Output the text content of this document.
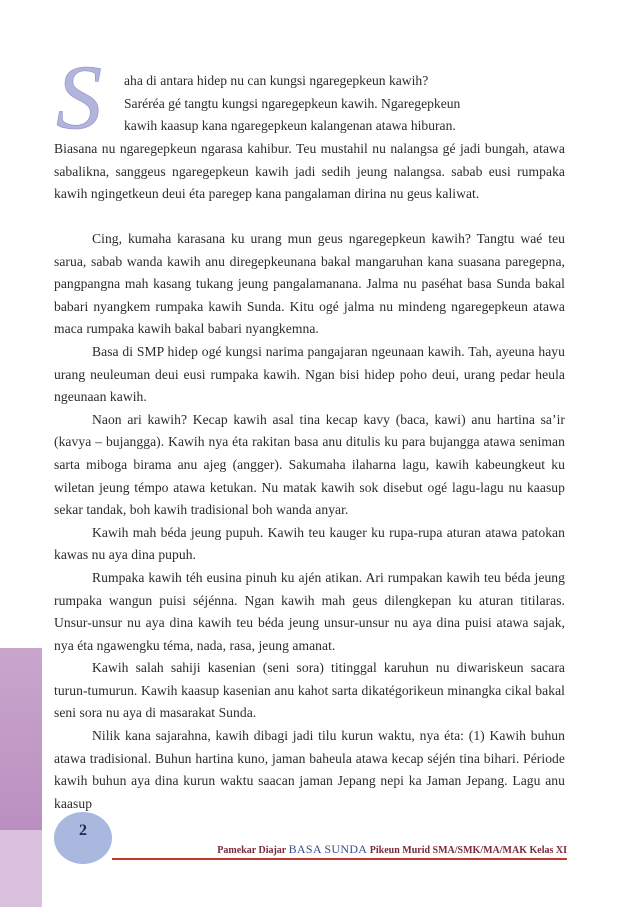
S aha di antara hidep nu can kungsi ngaregepkeun kawih?

Saréréa gé tangtu kungsi ngaregepkeun kawih. Ngaregepkeun

kawih kaasup kana ngaregepkeun kalangenan atawa hiburan.

Biasana nu ngaregepkeun ngarasa kahibur. Teu mustahil nu nalangsa gé jadi bungah, atawa sabalikna, sanggeus ngaregepkeun kawih jadi sedih jeung nalangsa. sabab eusi rumpaka kawih ngingetkeun deui éta paregep kana pangalaman dirina nu geus kaliwat.

Cing, kumaha karasana ku urang mun geus ngaregepkeun kawih? Tangtu waé teu sarua, sabab wanda kawih anu diregepkeunana bakal mangaruhan kana suasana paregepna, pangpangna mah kasang tukang jeung pangalamanana. Jalma nu paséhat basa Sunda bakal babari nyangkem rumpaka kawih Sunda. Kitu ogé jalma nu mindeng ngaregepkeun atawa maca rumpaka kawih bakal babari nyangkemna.

Basa di SMP hidep ogé kungsi narima pangajaran ngeunaan kawih. Tah, ayeuna hayu urang neuleuman deui eusi rumpaka kawih. Ngan bisi hidep poho deui, urang pedar heula ngeunaan kawih.

Naon ari kawih? Kecap kawih asal tina kecap kavy (baca, kawi) anu hartina sa’ir (kavya – bujangga). Kawih nya éta rakitan basa anu ditulis ku para bujangga atawa seniman sarta miboga birama anu ajeg (angger). Sakumaha ilaharna lagu, kawih kabeungkeut ku wiletan jeung témpo atawa ketukan. Nu matak kawih sok disebut ogé lagu-lagu nu kaasup sekar tandak, boh kawih tradisional boh wanda anyar.

Kawih mah béda jeung pupuh. Kawih teu kauger ku rupa-rupa aturan atawa patokan kawas nu aya dina pupuh.

Rumpaka kawih téh eusina pinuh ku ajén atikan. Ari rumpakan kawih teu béda jeung rumpaka wangun puisi séjénna. Ngan kawih mah geus dilengkepan ku aturan titilaras. Unsur-unsur nu aya dina kawih teu béda jeung unsur-unsur nu aya dina puisi atawa sajak, nya éta ngawengku téma, nada, rasa, jeung amanat.

Kawih salah sahiji kasenian (seni sora) titinggal karuhun nu diwariskeun sacara turun-tumurun. Kawih kaasup kasenian anu kahot sarta dikatégorikeun minangka cikal bakal seni sora nu aya di masarakat Sunda.

Nilik kana sajarahna, kawih dibagi jadi tilu kurun waktu, nya éta: (1) Kawih buhun atawa tradisional. Buhun hartina kuno, jaman baheula atawa kecap séjén tina bihari. Période kawih buhun aya dina kurun waktu saacan jaman Jepang nepi ka Jaman Jepang. Lagu anu kaasup

2
Pamekar Diajar BASA SUNDA Pikeun Murid SMA/SMK/MA/MAK Kelas XI
